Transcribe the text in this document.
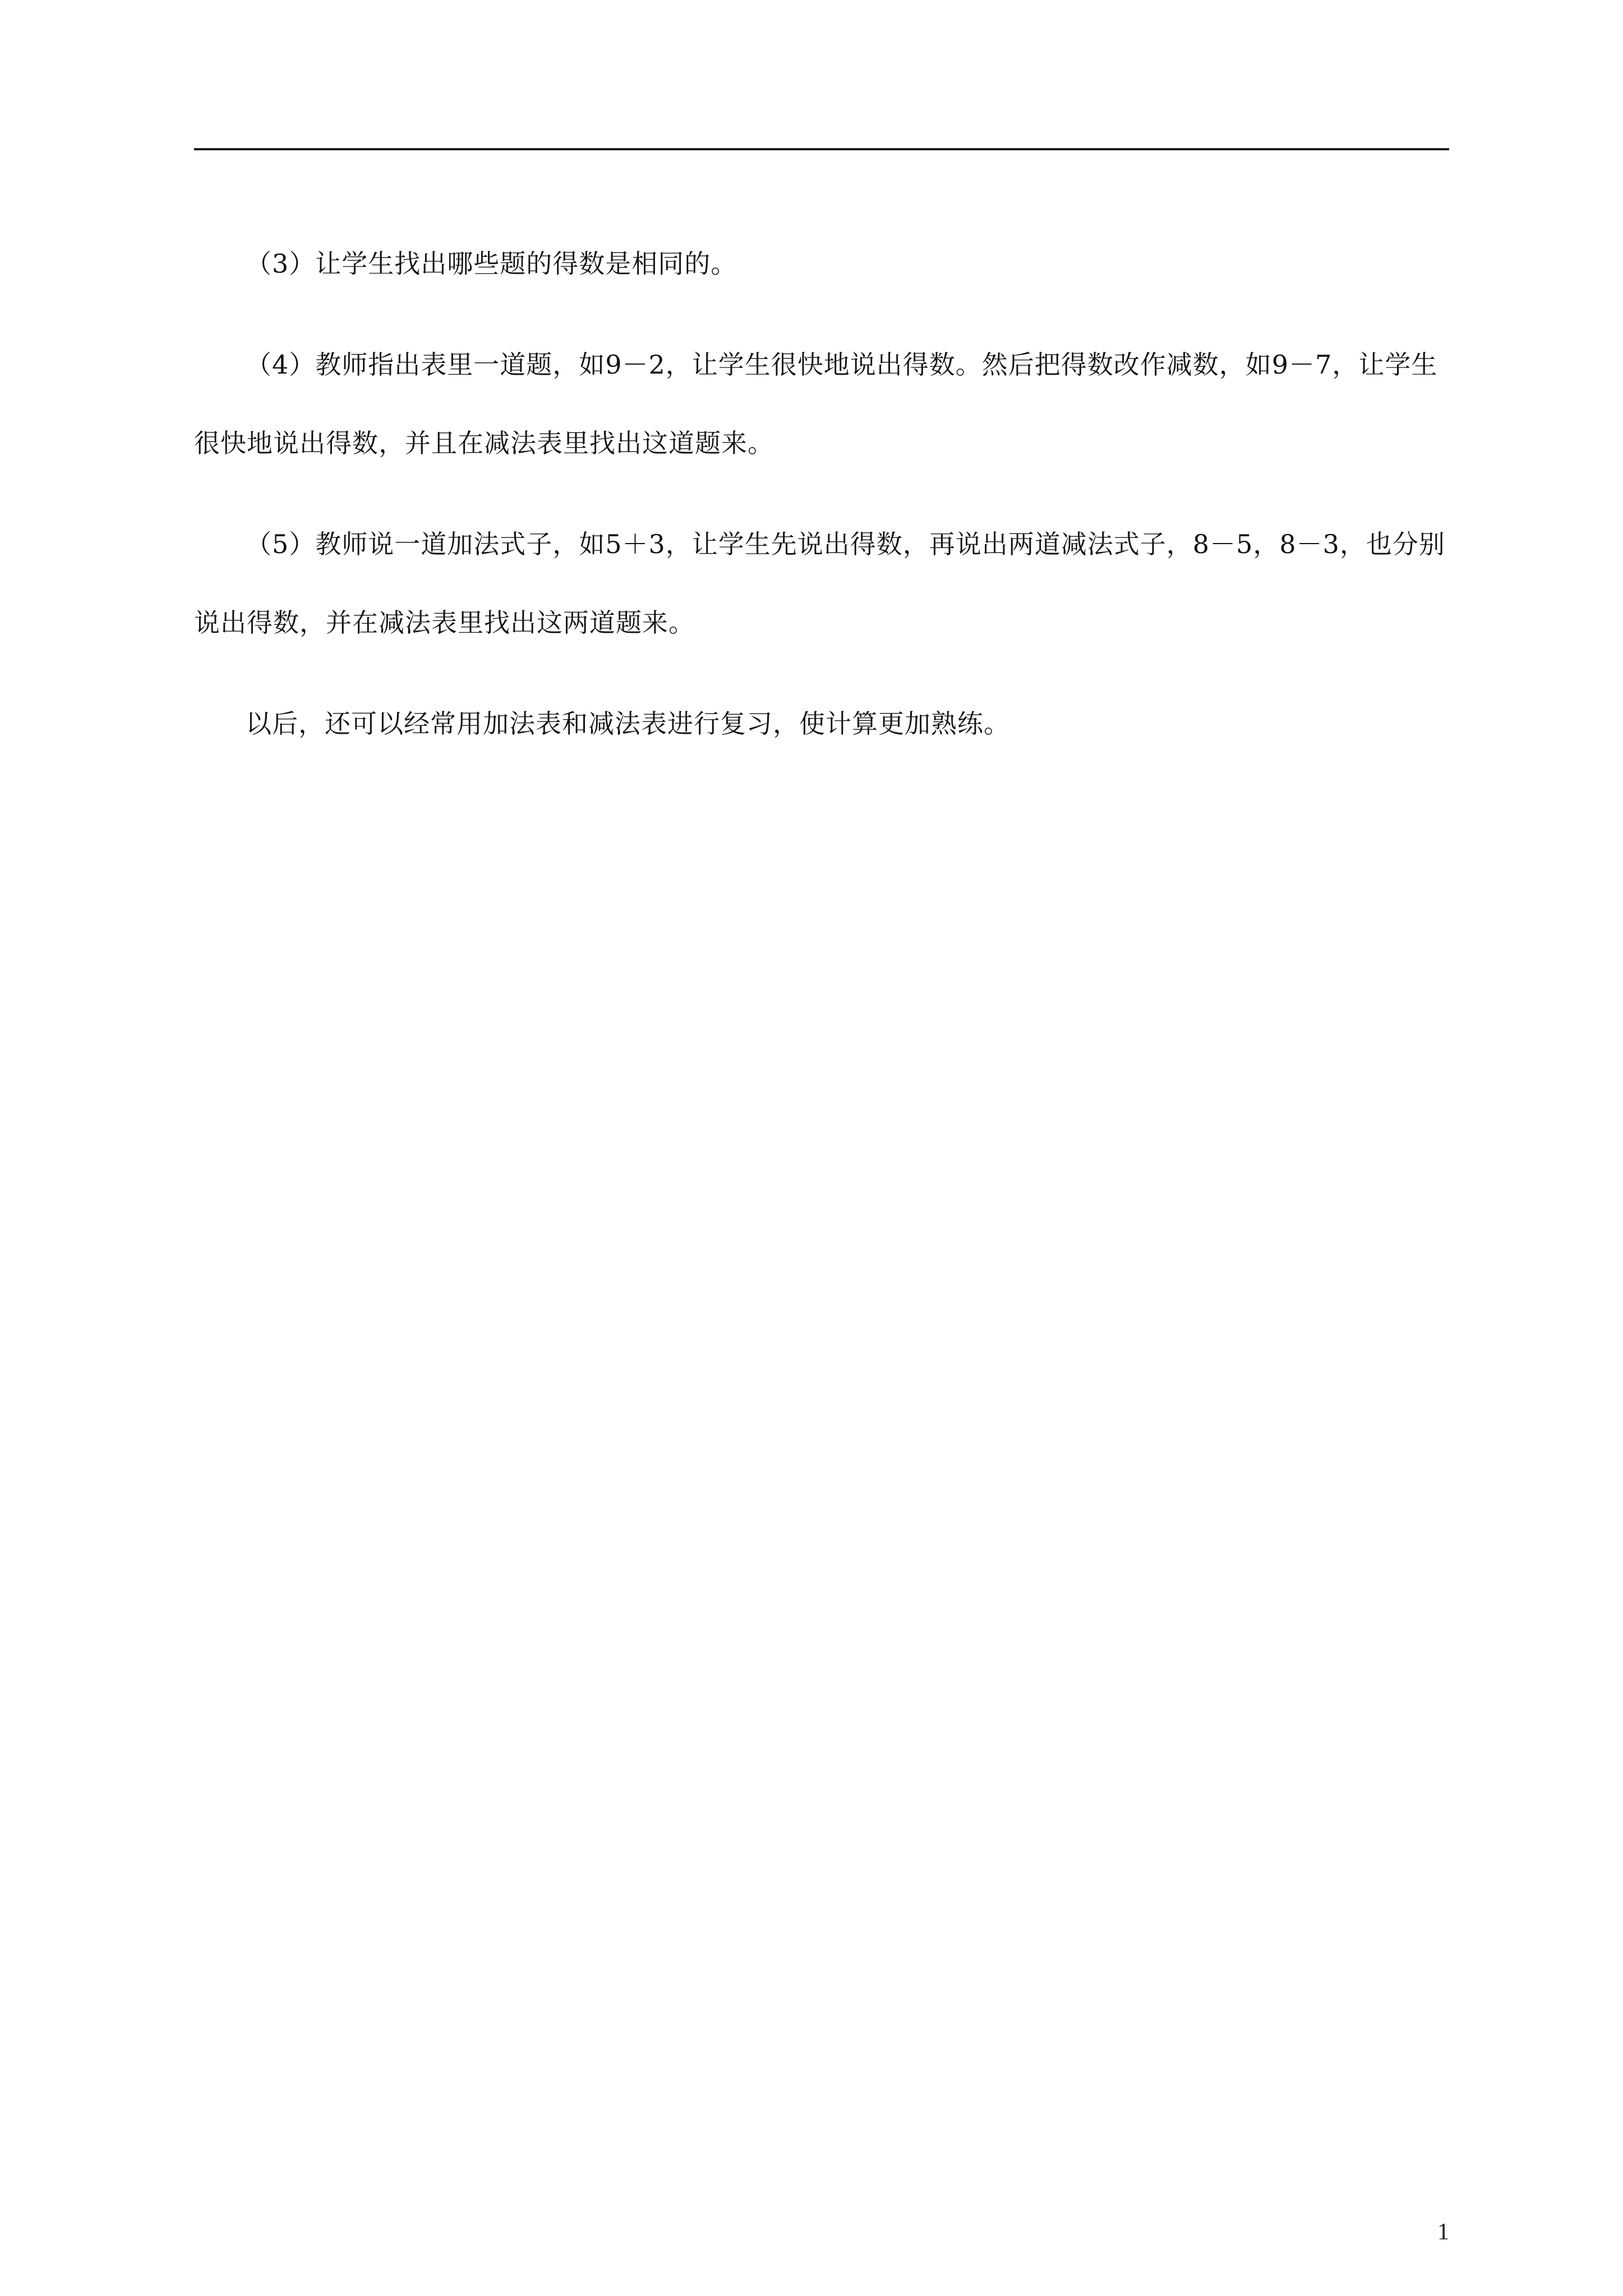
（3）让学生找出哪些题的得数是相同的。

（4）教师指出表里一道题，如9－2，让学生很快地说出得数。然后把得数改作减数，如9－7，让学生很快地说出得数，并且在减法表里找出这道题来。

（5）教师说一道加法式子，如5＋3，让学生先说出得数，再说出两道减法式子，8－5，8－3，也分别说出得数，并在减法表里找出这两道题来。

以后，还可以经常用加法表和减法表进行复习，使计算更加熟练。

1
